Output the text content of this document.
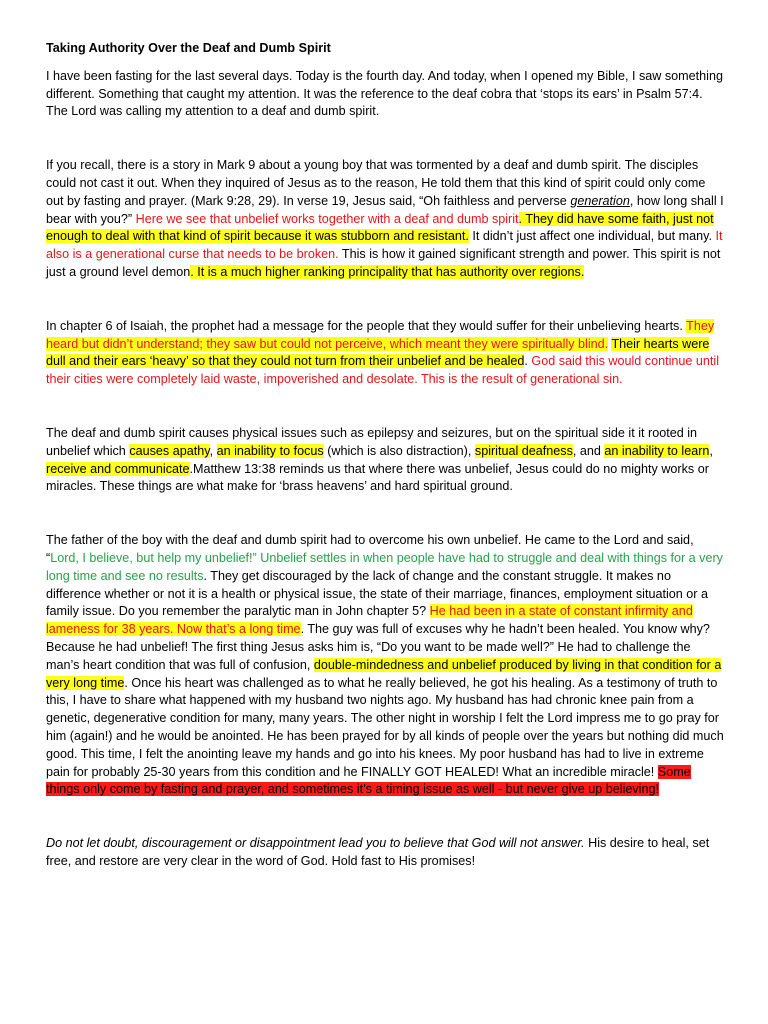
Taking Authority Over the Deaf and Dumb Spirit

I have been fasting for the last several days. Today is the fourth day. And today, when I opened my Bible, I saw something different. Something that caught my attention. It was the reference to the deaf cobra that ‘stops its ears’ in Psalm 57:4. The Lord was calling my attention to a deaf and dumb spirit.

If you recall, there is a story in Mark 9 about a young boy that was tormented by a deaf and dumb spirit. The disciples could not cast it out. When they inquired of Jesus as to the reason, He told them that this kind of spirit could only come out by fasting and prayer. (Mark 9:28, 29). In verse 19, Jesus said, “Oh faithless and perverse generation, how long shall I bear with you?” Here we see that unbelief works together with a deaf and dumb spirit. They did have some faith, just not enough to deal with that kind of spirit because it was stubborn and resistant. It didn’t just affect one individual, but many. It also is a generational curse that needs to be broken. This is how it gained significant strength and power. This spirit is not just a ground level demon. It is a much higher ranking principality that has authority over regions.

In chapter 6 of Isaiah, the prophet had a message for the people that they would suffer for their unbelieving hearts. They heard but didn’t understand; they saw but could not perceive, which meant they were spiritually blind. Their hearts were dull and their ears ‘heavy’ so that they could not turn from their unbelief and be healed. God said this would continue until their cities were completely laid waste, impoverished and desolate. This is the result of generational sin.

The deaf and dumb spirit causes physical issues such as epilepsy and seizures, but on the spiritual side it it rooted in unbelief which causes apathy, an inability to focus (which is also distraction), spiritual deafness, and an inability to learn, receive and communicate.Matthew 13:38 reminds us that where there was unbelief, Jesus could do no mighty works or miracles. These things are what make for ‘brass heavens’ and hard spiritual ground.

The father of the boy with the deaf and dumb spirit had to overcome his own unbelief. He came to the Lord and said, “Lord, I believe, but help my unbelief!” Unbelief settles in when people have had to struggle and deal with things for a very long time and see no results. They get discouraged by the lack of change and the constant struggle. It makes no difference whether or not it is a health or physical issue, the state of their marriage, finances, employment situation or a family issue. Do you remember the paralytic man in John chapter 5? He had been in a state of constant infirmity and lameness for 38 years. Now that’s a long time. The guy was full of excuses why he hadn’t been healed. You know why? Because he had unbelief! The first thing Jesus asks him is, “Do you want to be made well?” He had to challenge the man’s heart condition that was full of confusion, double-mindedness and unbelief produced by living in that condition for a very long time. Once his heart was challenged as to what he really believed, he got his healing. As a testimony of truth to this, I have to share what happened with my husband two nights ago. My husband has had chronic knee pain from a genetic, degenerative condition for many, many years. The other night in worship I felt the Lord impress me to go pray for him (again!) and he would be anointed. He has been prayed for by all kinds of people over the years but nothing did much good. This time, I felt the anointing leave my hands and go into his knees. My poor husband has had to live in extreme pain for probably 25-30 years from this condition and he FINALLY GOT HEALED! What an incredible miracle! Some things only come by fasting and prayer, and sometimes it’s a timing issue as well - but never give up believing!

Do not let doubt, discouragement or disappointment lead you to believe that God will not answer. His desire to heal, set free, and restore are very clear in the word of God. Hold fast to His promises!
